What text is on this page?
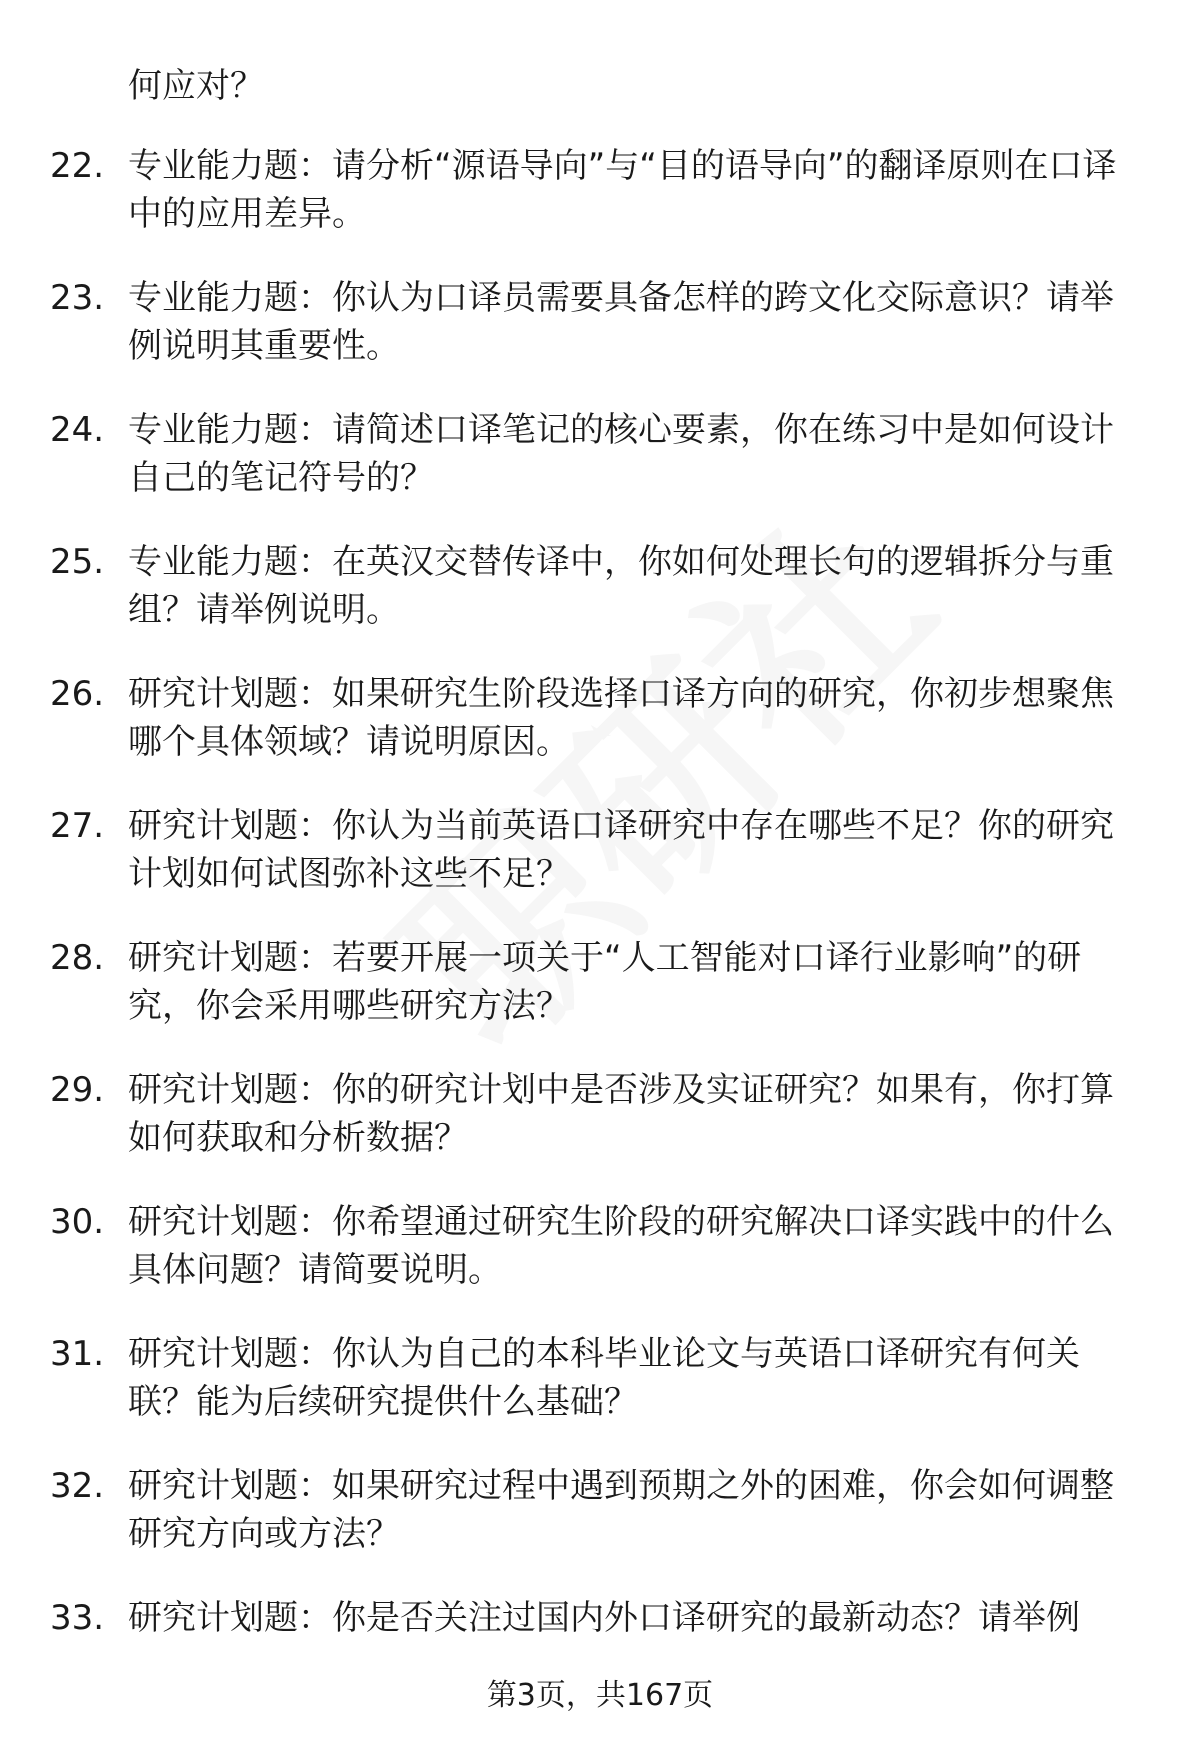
何应对？
22. 专业能力题：请分析“源语导向”与“目的语导向”的翻译原则在口译中的应用差异。
23. 专业能力题：你认为口译员需要具备怎样的跨文化交际意识？请举例说明其重要性。
24. 专业能力题：请简述口译笔记的核心要素，你在练习中是如何设计自己的笔记符号的？
25. 专业能力题：在英汉交替传译中，你如何处理长句的逻辑拆分与重组？请举例说明。
26. 研究计划题：如果研究生阶段选择口译方向的研究，你初步想聚焦哪个具体领域？请说明原因。
27. 研究计划题：你认为当前英语口译研究中存在哪些不足？你的研究计划如何试图弥补这些不足？
28. 研究计划题：若要开展一项关于“人工智能对口译行业影响”的研究，你会采用哪些研究方法？
29. 研究计划题：你的研究计划中是否涉及实证研究？如果有，你打算如何获取和分析数据？
30. 研究计划题：你希望通过研究生阶段的研究解决口译实践中的什么具体问题？请简要说明。
31. 研究计划题：你认为自己的本科毕业论文与英语口译研究有何关联？能为后续研究提供什么基础？
32. 研究计划题：如果研究过程中遇到预期之外的困难，你会如何调整研究方向或方法？
33. 研究计划题：你是否关注过国内外口译研究的最新动态？请举例
第3页，共167页
